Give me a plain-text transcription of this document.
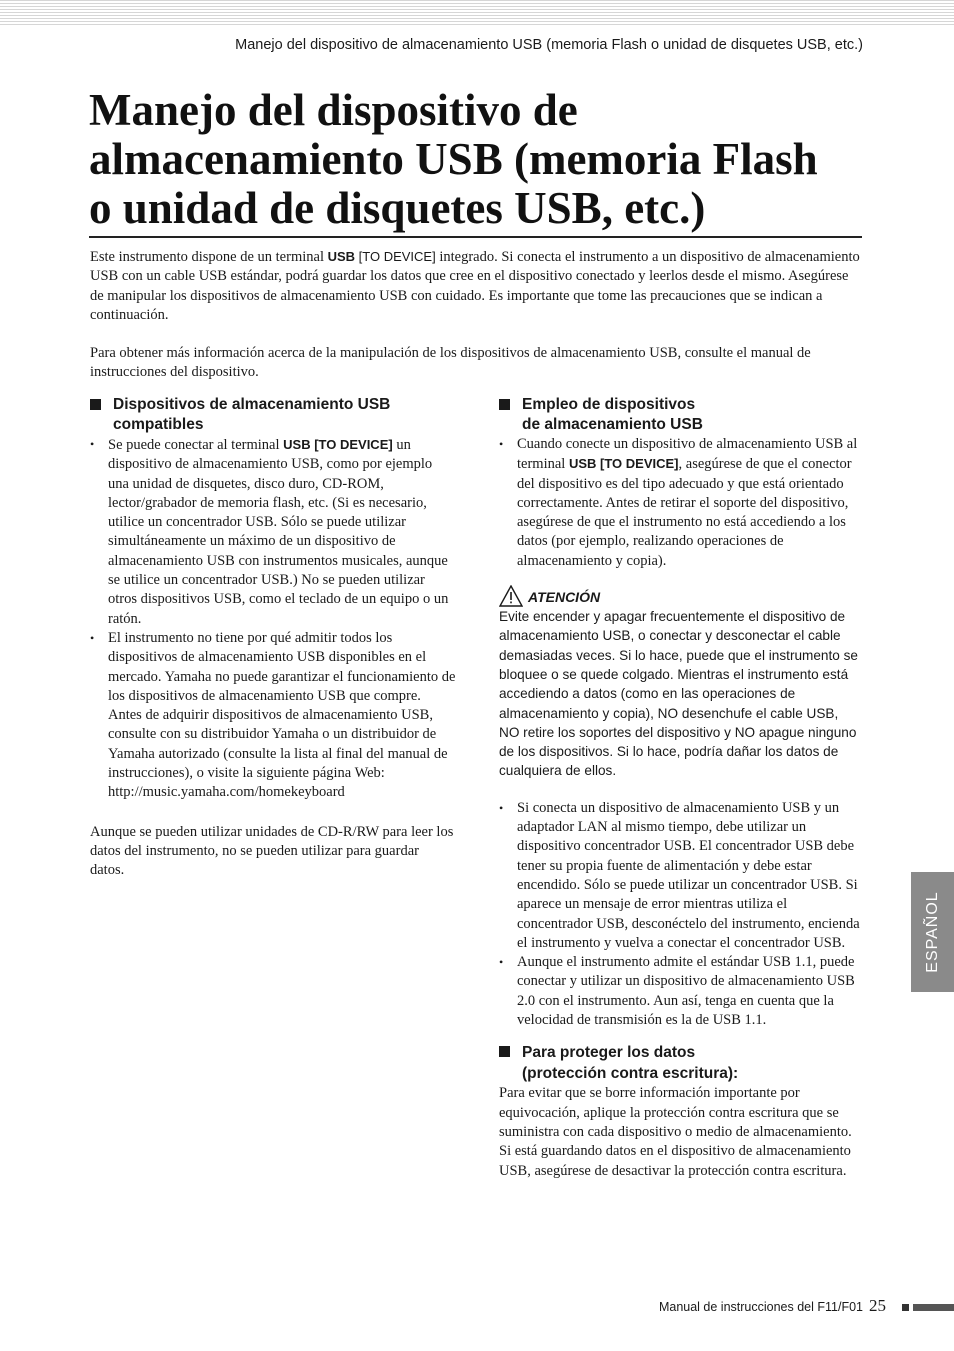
Manejo del dispositivo de almacenamiento USB (memoria Flash o unidad de disquetes USB, etc.)
Manejo del dispositivo de
almacenamiento USB (memoria Flash
o unidad de disquetes USB, etc.)

Este instrumento dispone de un terminal USB [TO DEVICE] integrado. Si conecta el instrumento a un dispositivo de almacenamiento USB con un cable USB estándar, podrá guardar los datos que cree en el dispositivo conectado y leerlos desde el mismo. Asegúrese de manipular los dispositivos de almacenamiento USB con cuidado. Es importante que tome las precauciones que se indican a continuación.

Para obtener más información acerca de la manipulación de los dispositivos de almacenamiento USB, consulte el manual de instrucciones del dispositivo.

Dispositivos de almacenamiento USB
compatibles
• Se puede conectar al terminal USB [TO DEVICE] un dispositivo de almacenamiento USB, como por ejemplo una unidad de disquetes, disco duro, CD-ROM, lector/grabador de memoria flash, etc. (Si es necesario, utilice un concentrador USB. Sólo se puede utilizar simultáneamente un máximo de un dispositivo de almacenamiento USB con instrumentos musicales, aunque se utilice un concentrador USB.) No se pueden utilizar otros dispositivos USB, como el teclado de un equipo o un ratón.
• El instrumento no tiene por qué admitir todos los dispositivos de almacenamiento USB disponibles en el mercado. Yamaha no puede garantizar el funcionamiento de los dispositivos de almacenamiento USB que compre. Antes de adquirir dispositivos de almacenamiento USB, consulte con su distribuidor Yamaha o un distribuidor de Yamaha autorizado (consulte la lista al final del manual de instrucciones), o visite la siguiente página Web:
http://music.yamaha.com/homekeyboard

Aunque se pueden utilizar unidades de CD-R/RW para leer los datos del instrumento, no se pueden utilizar para guardar datos.

Empleo de dispositivos
de almacenamiento USB
• Cuando conecte un dispositivo de almacenamiento USB al terminal USB [TO DEVICE], asegúrese de que el conector del dispositivo es del tipo adecuado y que está orientado correctamente. Antes de retirar el soporte del dispositivo, asegúrese de que el instrumento no está accediendo a los datos (por ejemplo, realizando operaciones de almacenamiento y copia).
ATENCIÓN

Evite encender y apagar frecuentemente el dispositivo de almacenamiento USB, o conectar y desconectar el cable demasiadas veces. Si lo hace, puede que el instrumento se bloquee o se quede colgado. Mientras el instrumento está accediendo a datos (como en las operaciones de almacenamiento y copia), NO desenchufe el cable USB, NO retire los soportes del dispositivo y NO apague ninguno de los dispositivos. Si lo hace, podría dañar los datos de cualquiera de ellos.

• Si conecta un dispositivo de almacenamiento USB y un adaptador LAN al mismo tiempo, debe utilizar un dispositivo concentrador USB. El concentrador USB debe tener su propia fuente de alimentación y debe estar encendido. Sólo se puede utilizar un concentrador USB. Si aparece un mensaje de error mientras utiliza el concentrador USB, desconéctelo del instrumento, encienda el instrumento y vuelva a conectar el concentrador USB.
• Aunque el instrumento admite el estándar USB 1.1, puede conectar y utilizar un dispositivo de almacenamiento USB 2.0 con el instrumento. Aun así, tenga en cuenta que la velocidad de transmisión es la de USB 1.1.
Para proteger los datos
(protección contra escritura):

Para evitar que se borre información importante por equivocación, aplique la protección contra escritura que se suministra con cada dispositivo o medio de almacenamiento. Si está guardando datos en el dispositivo de almacenamiento USB, asegúrese de desactivar la protección contra escritura.

ESPAÑOL
Manual de instrucciones del F11/F01 25
